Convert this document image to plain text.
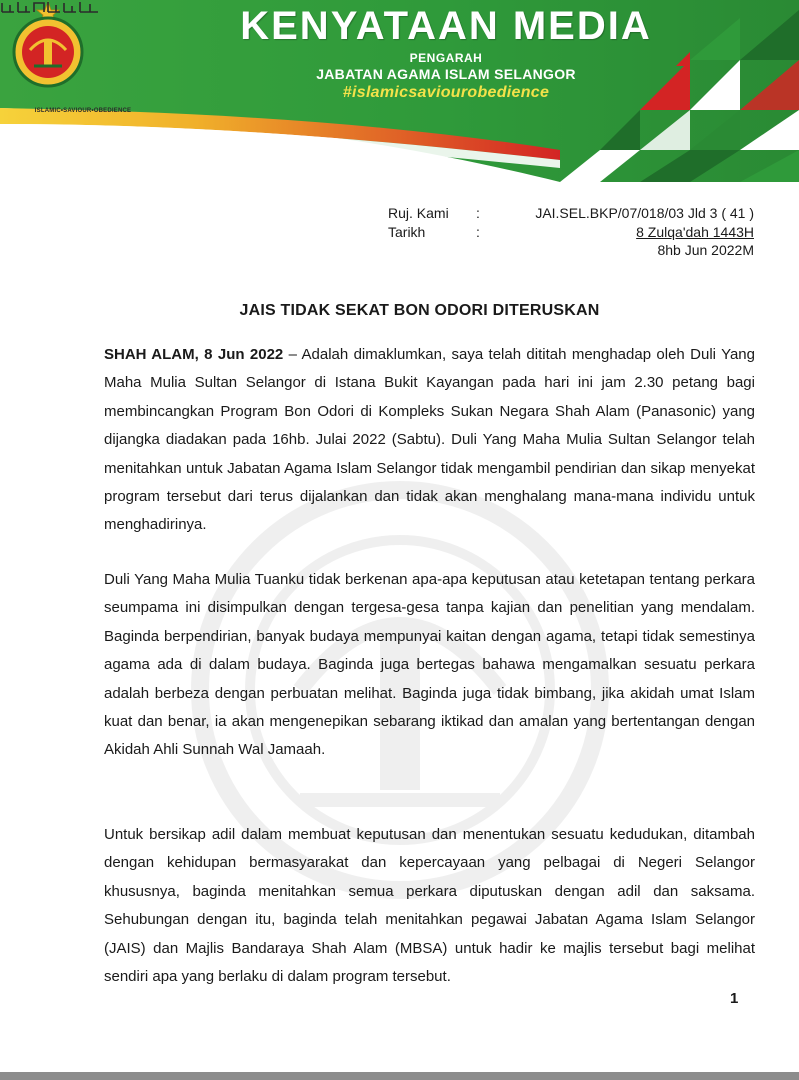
ISLAMIC•SAVIOUR•OBEDIENCE
KENYATAAN MEDIA
PENGARAH
JABATAN AGAMA ISLAM SELANGOR
#islamicsaviourobedience
Ruj. Kami :	JAI.SEL.BKP/07/018/03 Jld 3 ( 41 )
Tarikh	:	8 Zulqa'dah 1443H
8hb Jun 2022M
JAIS TIDAK SEKAT BON ODORI DITERUSKAN

SHAH ALAM, 8 Jun 2022 – Adalah dimaklumkan, saya telah dititah menghadap oleh Duli Yang Maha Mulia Sultan Selangor di Istana Bukit Kayangan pada hari ini jam 2.30 petang bagi membincangkan Program Bon Odori di Kompleks Sukan Negara Shah Alam (Panasonic) yang dijangka diadakan pada 16hb. Julai 2022 (Sabtu). Duli Yang Maha Mulia Sultan Selangor telah menitahkan untuk Jabatan Agama Islam Selangor tidak mengambil pendirian dan sikap menyekat program tersebut dari terus dijalankan dan tidak akan menghalang mana-mana individu untuk menghadirinya.

Duli Yang Maha Mulia Tuanku tidak berkenan apa-apa keputusan atau ketetapan tentang perkara seumpama ini disimpulkan dengan tergesa-gesa tanpa kajian dan penelitian yang mendalam. Baginda berpendirian, banyak budaya mempunyai kaitan dengan agama, tetapi tidak semestinya agama ada di dalam budaya. Baginda juga bertegas bahawa mengamalkan sesuatu perkara adalah berbeza dengan perbuatan melihat. Baginda juga tidak bimbang, jika akidah umat Islam kuat dan benar, ia akan mengenepikan sebarang iktikad dan amalan yang bertentangan dengan Akidah Ahli Sunnah Wal Jamaah.

Untuk bersikap adil dalam membuat keputusan dan menentukan sesuatu kedudukan, ditambah dengan kehidupan bermasyarakat dan kepercayaan yang pelbagai di Negeri Selangor khususnya, baginda menitahkan semua perkara diputuskan dengan adil dan saksama. Sehubungan dengan itu, baginda telah menitahkan pegawai Jabatan Agama Islam Selangor (JAIS) dan Majlis Bandaraya Shah Alam (MBSA) untuk hadir ke majlis tersebut bagi melihat sendiri apa yang berlaku di dalam program tersebut.

1
